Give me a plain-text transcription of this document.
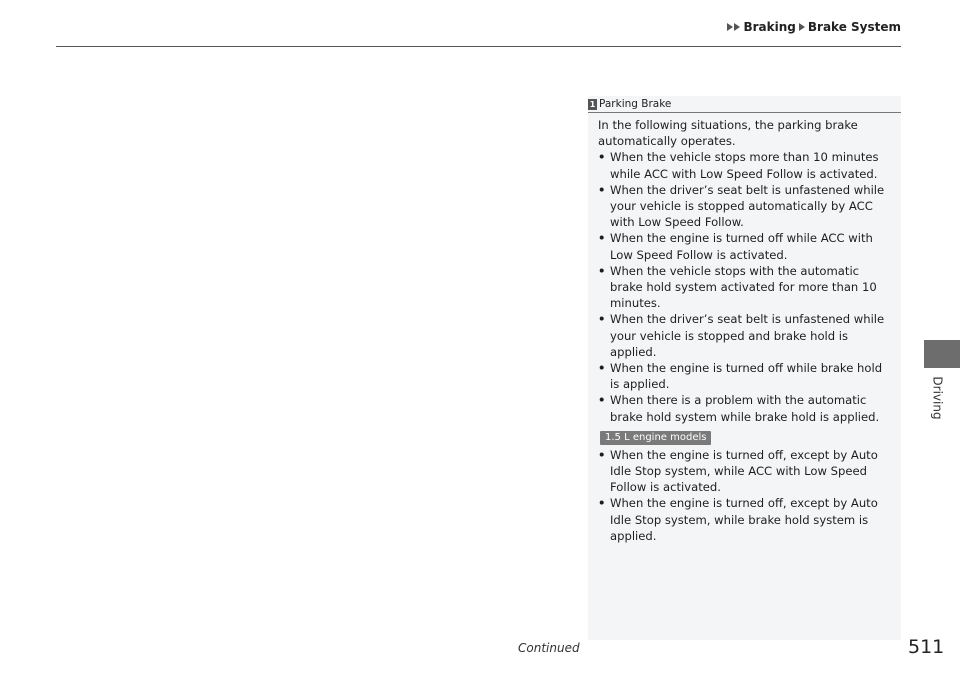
Braking Brake System
Driving
1 Parking Brake

In the following situations, the parking brake automatically operates.

• When the vehicle stops more than 10 minutes while ACC with Low Speed Follow is activated.
• When the driver’s seat belt is unfastened while your vehicle is stopped automatically by ACC with Low Speed Follow.
• When the engine is turned off while ACC with Low Speed Follow is activated.
• When the vehicle stops with the automatic brake hold system activated for more than 10 minutes.
• When the driver’s seat belt is unfastened while your vehicle is stopped and brake hold is applied.
• When the engine is turned off while brake hold is applied.
• When there is a problem with the automatic brake hold system while brake hold is applied.
1.5 L engine models
• When the engine is turned off, except by Auto Idle Stop system, while ACC with Low Speed Follow is activated.
• When the engine is turned off, except by Auto Idle Stop system, while brake hold system is applied.
Continued	511
